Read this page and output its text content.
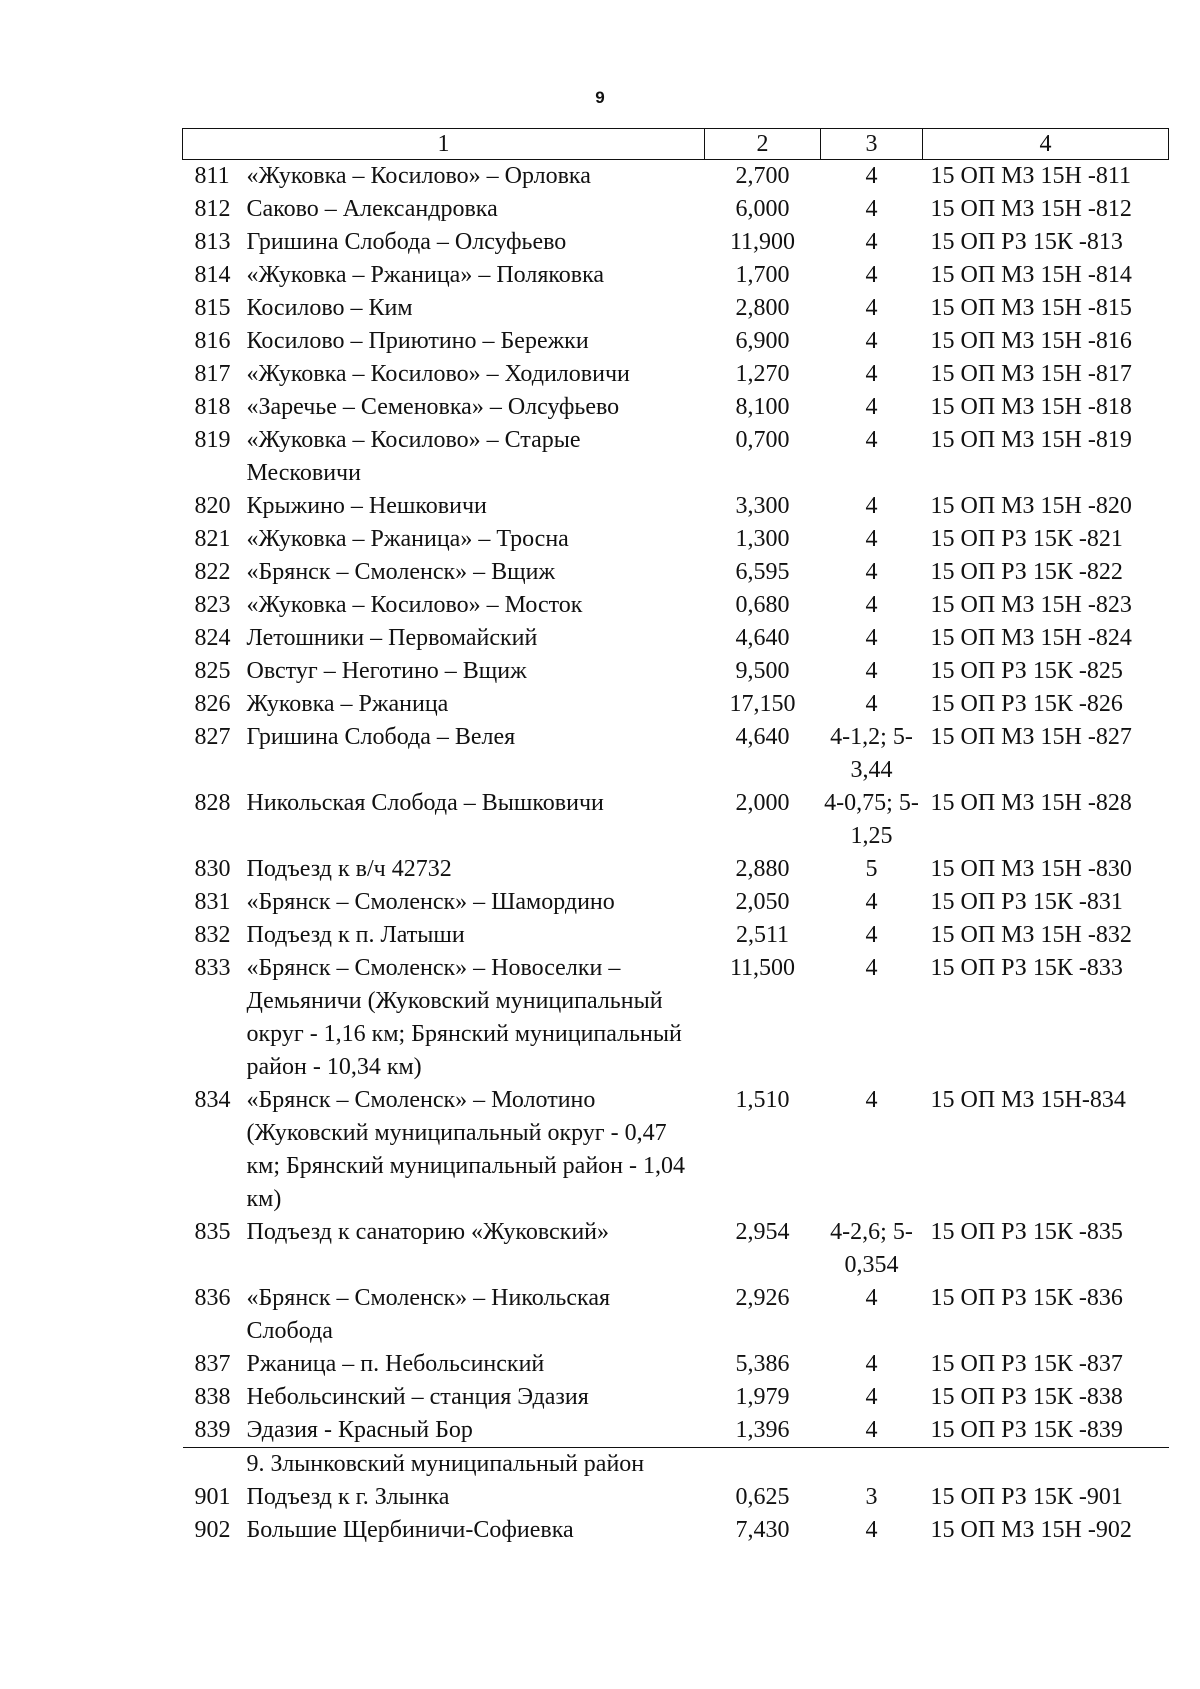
9
1		2	3	4
811	«Жуковка – Косилово» – Орловка	2,700	4	15 ОП МЗ 15Н -811
812	Саково – Александровка	6,000	4	15 ОП МЗ 15Н -812
813	Гришина Слобода – Олсуфьево	11,900	4	15 ОП РЗ 15К -813
814	«Жуковка – Ржаница» – Поляковка	1,700	4	15 ОП МЗ 15Н -814
815	Косилово – Ким	2,800	4	15 ОП МЗ 15Н -815
816	Косилово – Приютино – Бережки	6,900	4	15 ОП МЗ 15Н -816
817	«Жуковка – Косилово» – Ходиловичи	1,270	4	15 ОП МЗ 15Н -817
818	«Заречье – Семеновка» – Олсуфьево	8,100	4	15 ОП МЗ 15Н -818
819	«Жуковка – Косилово» – Старые Месковичи	0,700	4	15 ОП МЗ 15Н -819
820	Крыжино – Нешковичи	3,300	4	15 ОП МЗ 15Н -820
821	«Жуковка – Ржаница» – Тросна	1,300	4	15 ОП РЗ 15К -821
822	«Брянск – Смоленск» – Вщиж	6,595	4	15 ОП РЗ 15К -822
823	«Жуковка – Косилово» – Мосток	0,680	4	15 ОП МЗ 15Н -823
824	Летошники – Первомайский	4,640	4	15 ОП МЗ 15Н -824
825	Овстуг – Неготино – Вщиж	9,500	4	15 ОП РЗ 15К -825
826	Жуковка – Ржаница	17,150	4	15 ОП РЗ 15К -826
827	Гришина Слобода – Велея	4,640	4-1,2; 5-3,44	15 ОП МЗ 15Н -827
828	Никольская Слобода – Вышковичи	2,000	4-0,75; 5-1,25	15 ОП МЗ 15Н -828
830	Подъезд к в/ч 42732	2,880	5	15 ОП МЗ 15Н -830
831	«Брянск – Смоленск» – Шамордино	2,050	4	15 ОП РЗ 15К -831
832	Подъезд к п. Латыши	2,511	4	15 ОП МЗ 15Н -832
833	«Брянск – Смоленск» – Новоселки – Демьяничи (Жуковский муниципальный округ - 1,16 км; Брянский муниципальный район - 10,34 км)	11,500	4	15 ОП РЗ 15К -833
834	«Брянск – Смоленск» – Молотино (Жуковский муниципальный округ - 0,47 км; Брянский муниципальный район - 1,04 км)	1,510	4	15 ОП МЗ 15Н-834
835	Подъезд к санаторию «Жуковский»	2,954	4-2,6; 5-0,354	15 ОП РЗ 15К -835
836	«Брянск – Смоленск» – Никольская Слобода	2,926	4	15 ОП РЗ 15К -836
837	Ржаница – п. Небольсинский	5,386	4	15 ОП РЗ 15К -837
838	Небольсинский – станция Эдазия	1,979	4	15 ОП РЗ 15К -838
839	Эдазия - Красный Бор	1,396	4	15 ОП РЗ 15К -839
	9. Злынковский муниципальный район			
901	Подъезд к г. Злынка	0,625	3	15 ОП РЗ 15К -901
902	Большие Щербиничи-Софиевка	7,430	4	15 ОП МЗ 15Н -902
